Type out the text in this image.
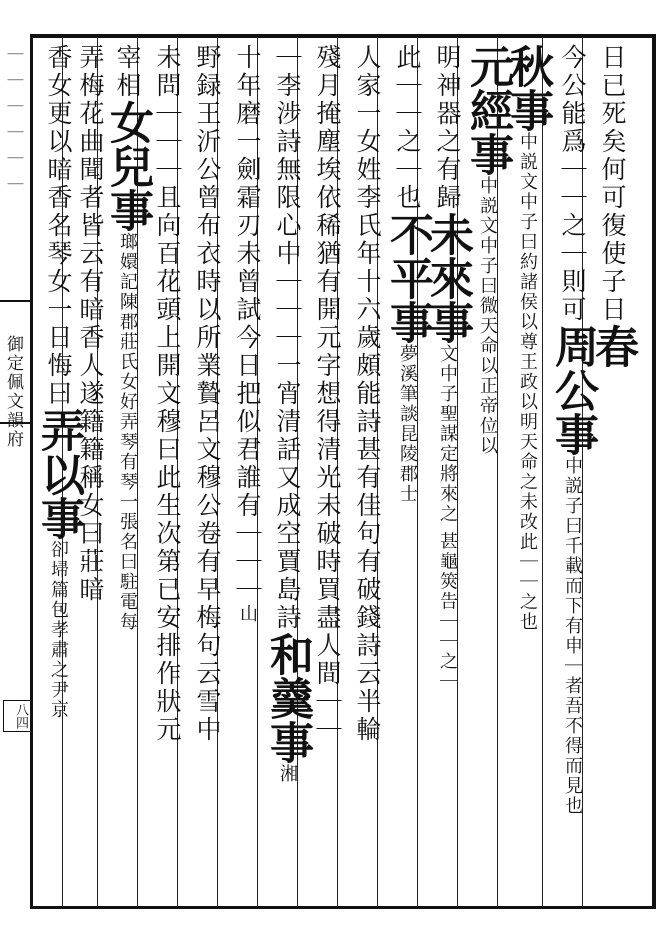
｜｜｜｜｜｜
御定佩文韻府
八四
日已死矣何可復使子日春
今公能爲｜｜之｜則可周公事中説子曰千載而下有申｜者吾不得而見也
秋事中説文中子曰約諸侯以尊王政以明天命之未改此｜｜之也
元經事中説文中子曰微天命以正帝位以
明神器之有歸未來事文中子聖謀定將來之 甚龜筴告｜｜之｜
此｜｜之｜也不平事夢溪筆談昆陵郡士
人家一女姓李氏年十六歲頗能詩甚有佳句有破錢詩云半輪
殘月掩塵埃依稀猶有開元字想得清光未破時買盡人間｜｜
｜李涉詩無限心中｜｜｜一宵清話又成空賈島詩和羹事湘
十年磨一劍霜刃未曾試今日把似君誰有｜｜｜山
野録王沂公曾布衣時以所業贄呂文穆公卷有早梅句云雪中
未問｜｜｜且向百花頭上開文穆曰此生次第已安排作狀元
宰相女兒事瑯嬛記陳郡莊氏女好弄琴有琴一張名曰駐電每
弄梅花曲聞者皆云有暗香人遂籍籍稱女曰莊暗
香女更以暗香名琴女一日悔曰弄以事卻埽篇包孝肅之尹京
